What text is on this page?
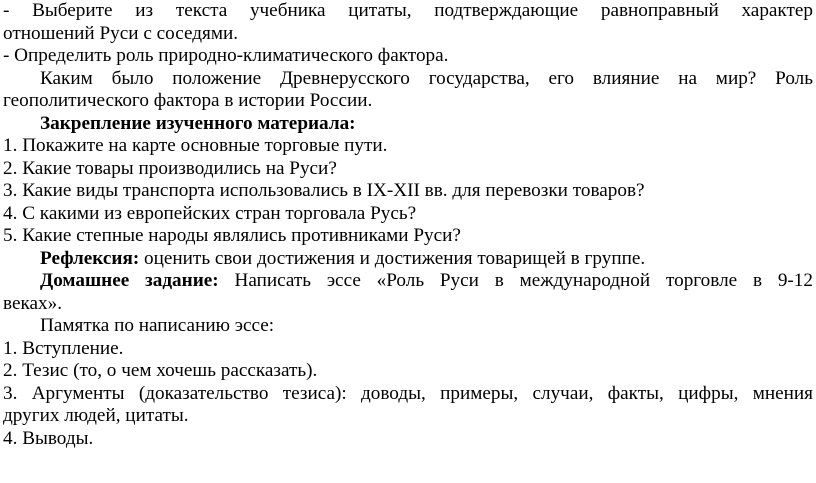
- Выберите из текста учебника цитаты, подтверждающие равноправный характер

отношений Руси с соседями.

- Определить роль природно-климатического фактора.

Каким было положение Древнерусского государства, его влияние на мир? Роль

геополитического фактора в истории России.

Закрепление изученного материала:

1. Покажите на карте основные торговые пути.

2. Какие товары производились на Руси?

3. Какие виды транспорта использовались в IX-XII вв. для перевозки товаров?

4. С какими из европейских стран торговала Русь?

5. Какие степные народы являлись противниками Руси?

Рефлексия: оценить свои достижения и достижения товарищей в группе.

Домашнее задание: Написать эссе «Роль Руси в международной торговле в 9-12

веках».

Памятка по написанию эссе:

1. Вступление.

2. Тезис (то, о чем хочешь рассказать).

3. Аргументы (доказательство тезиса): доводы, примеры, случаи, факты, цифры, мнения

других людей, цитаты.

4. Выводы.
